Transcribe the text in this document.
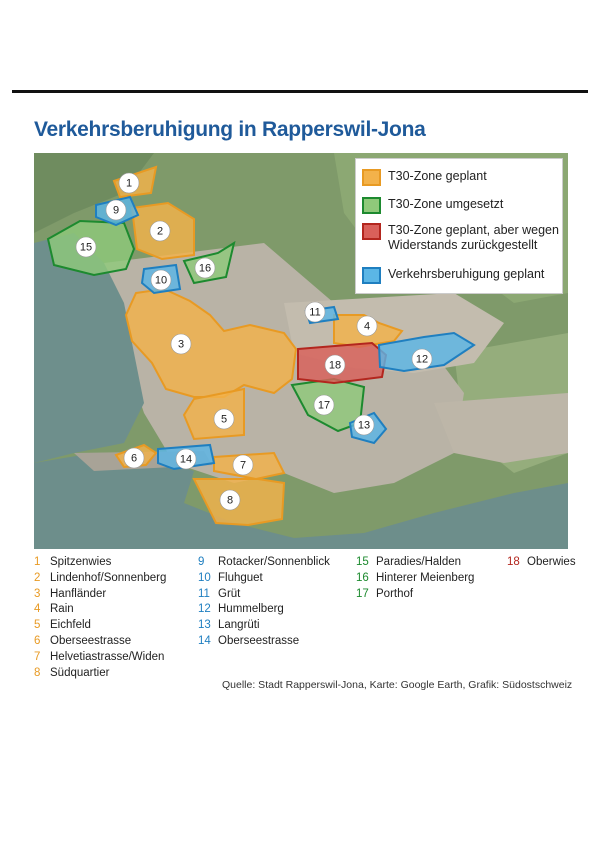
Verkehrsberuhigung in Rapperswil-Jona
1
2
3
4
5
6
7
8
9
10
11
12
13
14
15
16
17
18
T30-Zone geplant
T30-Zone umgesetzt
T30-Zone geplant, aber wegen
Widerstands zurückgestellt
Verkehrsberuhigung geplant
1 Spitzenwies
2 Lindenhof/Sonnenberg
3 Hanfländer
4 Rain
5 Eichfeld
6 Oberseestrasse
7 Helvetiastrasse/Widen
8 Südquartier
9	Rotacker/Sonnenblick
10 Fluhguet
11 Grüt
12 Hummelberg
13 Langrüti
14 Oberseestrasse
15 Paradies/Halden
16 Hinterer Meienberg
17 Porthof
18 Oberwies
Quelle: Stadt Rapperswil-Jona, Karte: Google Earth, Grafik: Südostschweiz
